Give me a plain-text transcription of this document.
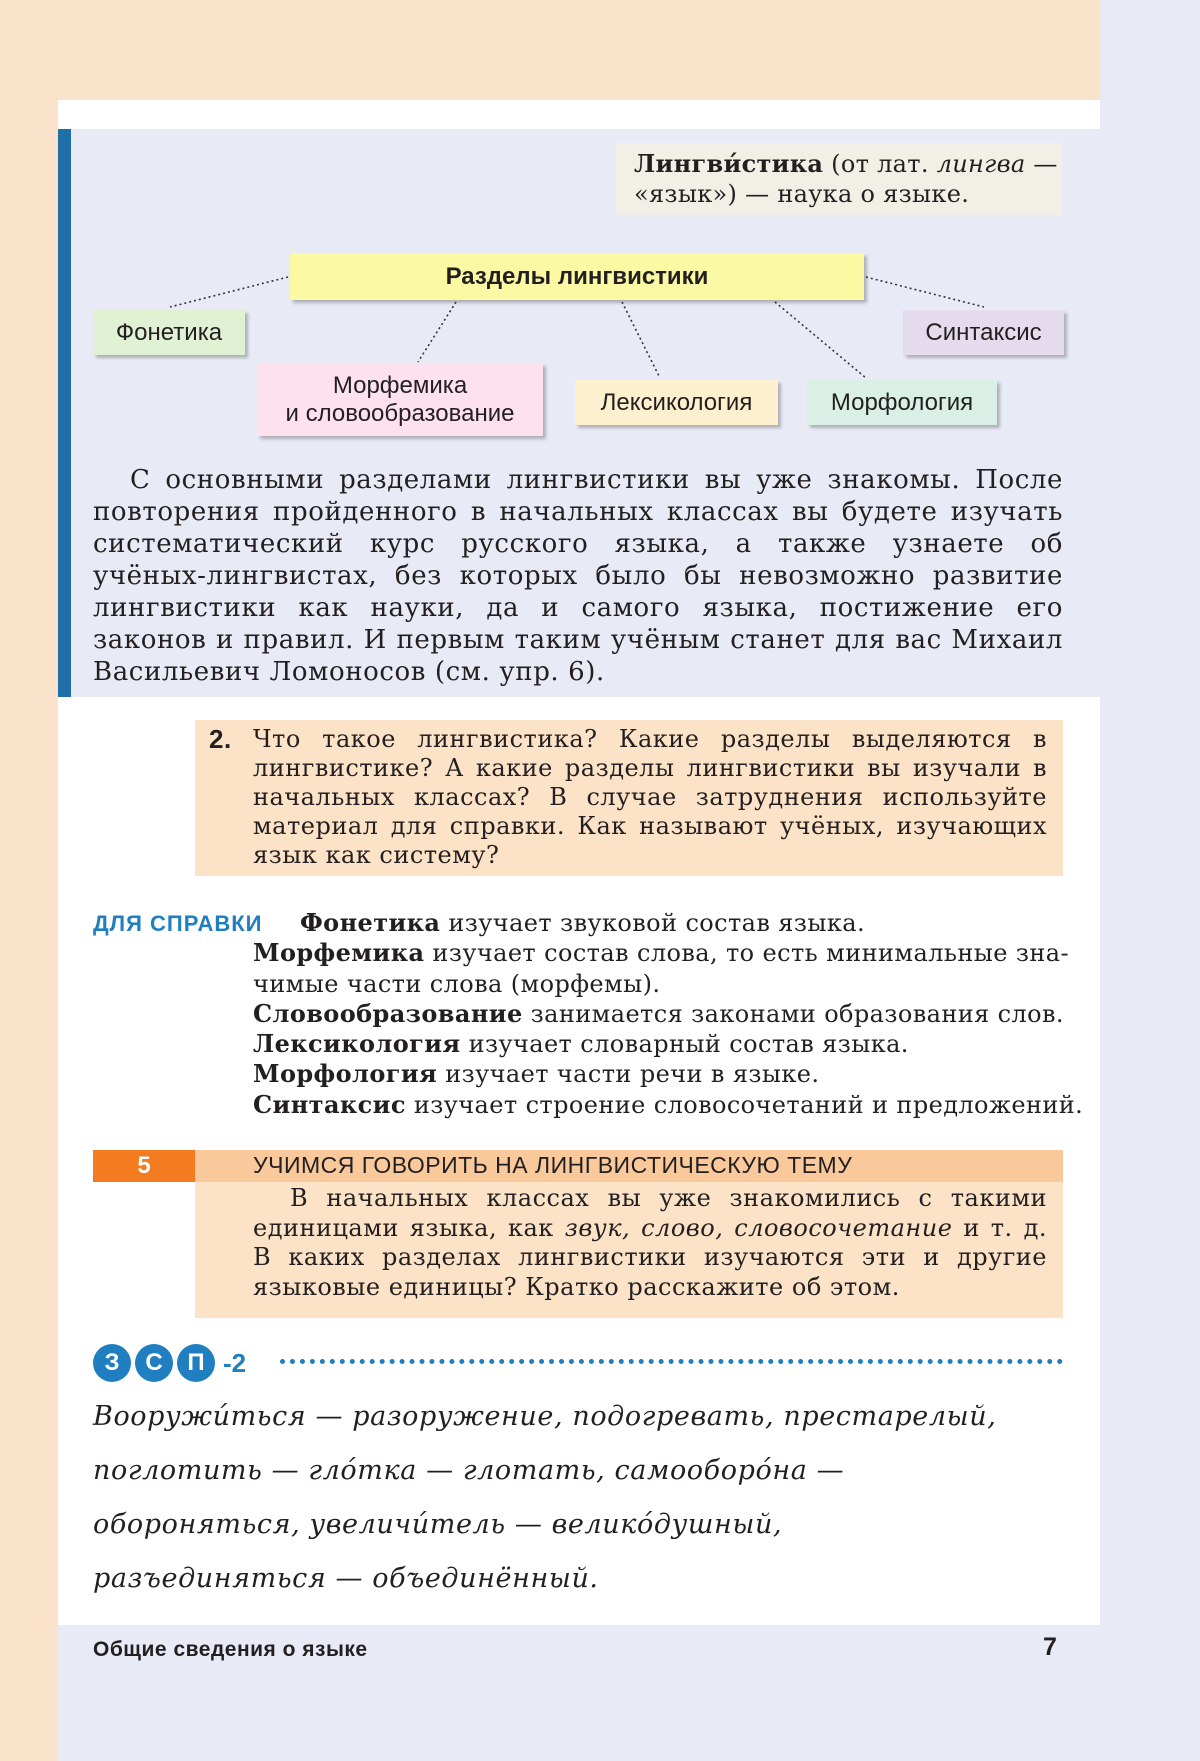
Лингви́стика (от лат. лингва — «язык») — наука о языке.
Разделы лингвистики
Фонетика	Синтаксис
Морфемика
и словообразование	Лексикология	Морфология

С основными разделами лингвистики вы уже знакомы. После повторения пройденного в начальных классах вы будете изучать систематический курс русского языка, а также узнаете об учёных-лингвистах, без которых было бы невозможно развитие лингвистики как науки, да и самого языка, постижение его законов и правил. И первым таким учёным станет для вас Михаил Васильевич Ломоносов (см. упр. 6).

2. Что такое лингвистика? Какие разделы выделяются в лингвистике? А какие разделы лингвистики вы изучали в начальных классах? В случае затруднения используйте материал для справки. Как называют учёных, изучающих язык как систему?
ДЛЯ СПРАВКИ	Фонетика изучает звуковой состав языка.
Морфемика изучает состав слова, то есть минимальные зна-
чимые части слова (морфемы).
Словообразование занимается законами образования слов.
Лексикология изучает словарный состав языка.
Морфология изучает части речи в языке.
Синтаксис изучает строение словосочетаний и предложений.
5	УЧИМСЯ ГОВОРИТЬ НА ЛИНГВИСТИЧЕСКУЮ ТЕМУ

В начальных классах вы уже знакомились с такими единицами языка, как звук, слово, словосочетание и т. д. В каких разделах лингвистики изучаются эти и другие языковые единицы? Кратко расскажите об этом.

З	С	П -2
Вооружи́ться — разоружение, подогревать, престарелый,
поглотить — гло́тка — глотать, самооборо́на —
обороняться, увеличи́тель — велико́душный,
разъединяться — объединённый.
Общие сведения о языке	7
